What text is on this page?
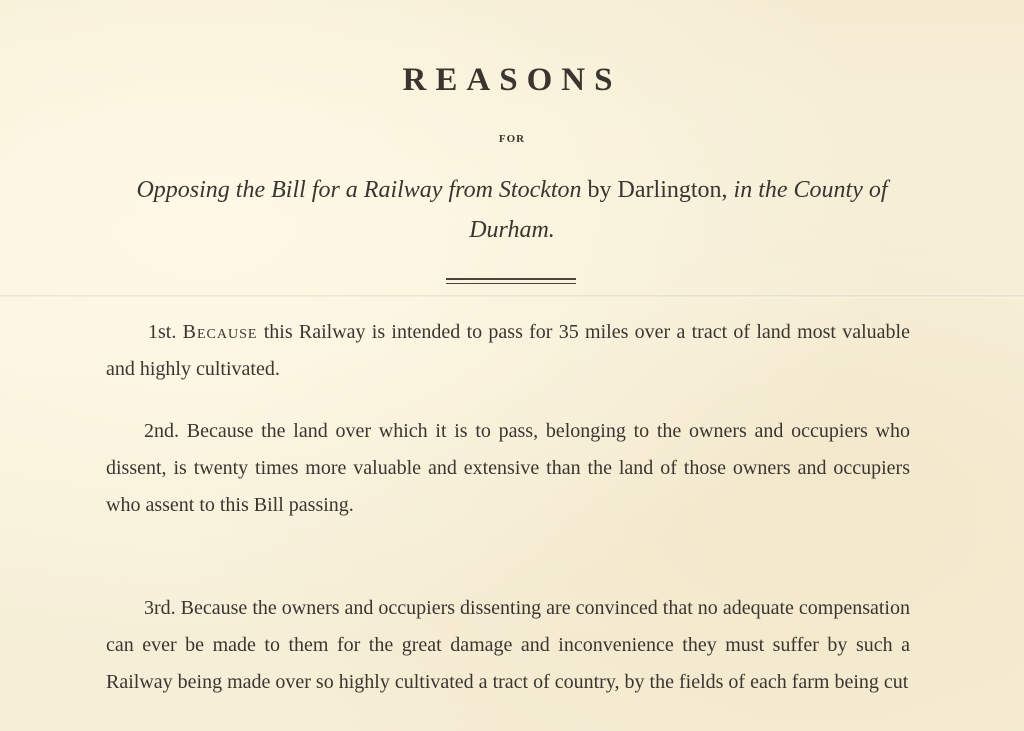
REASONS
FOR
Opposing the Bill for a Railway from Stockton by Darlington, in the County of Durham.
1st. Because this Railway is intended to pass for 35 miles over a tract of land most valuable and highly cultivated.
2nd. Because the land over which it is to pass, belonging to the owners and occupiers who dissent, is twenty times more valuable and extensive than the land of those owners and occupiers who assent to this Bill passing.
3rd. Because the owners and occupiers dissenting are convinced that no adequate compensation can ever be made to them for the great damage and inconvenience they must suffer by such a Railway being made over so highly cultivated a tract of country, by the fields of each farm being cut
